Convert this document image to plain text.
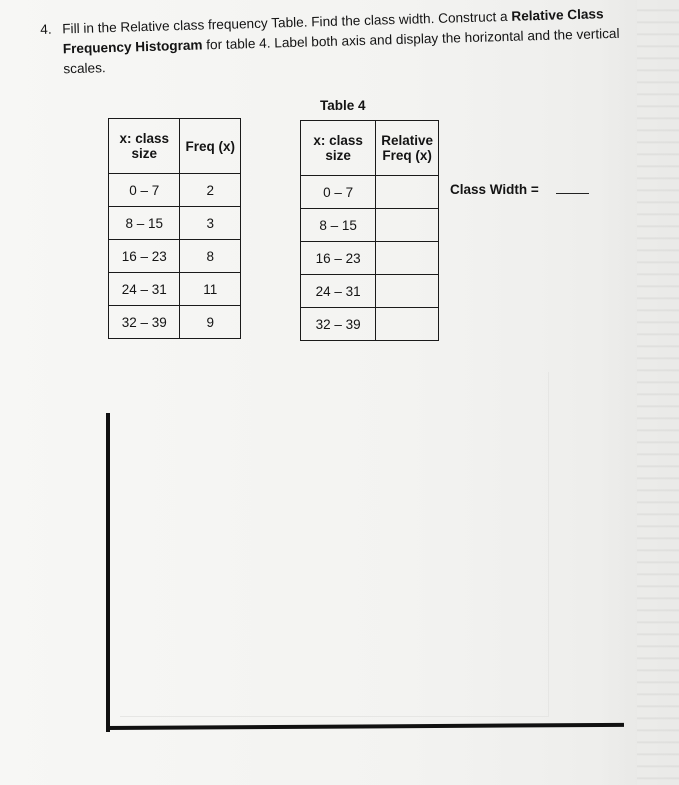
4. Fill in the Relative class frequency Table. Find the class width. Construct a Relative Class
Frequency Histogram for table 4. Label both axis and display the horizontal and the vertical
scales.
x: class size	Freq (x)
0 – 7	2
8 – 15	3
16 – 23	8
24 – 31	11
32 – 39	9
Table 4
x: class size	Relative Freq (x)
0 – 7	
8 – 15	
16 – 23	
24 – 31	
32 – 39	
Class Width =
